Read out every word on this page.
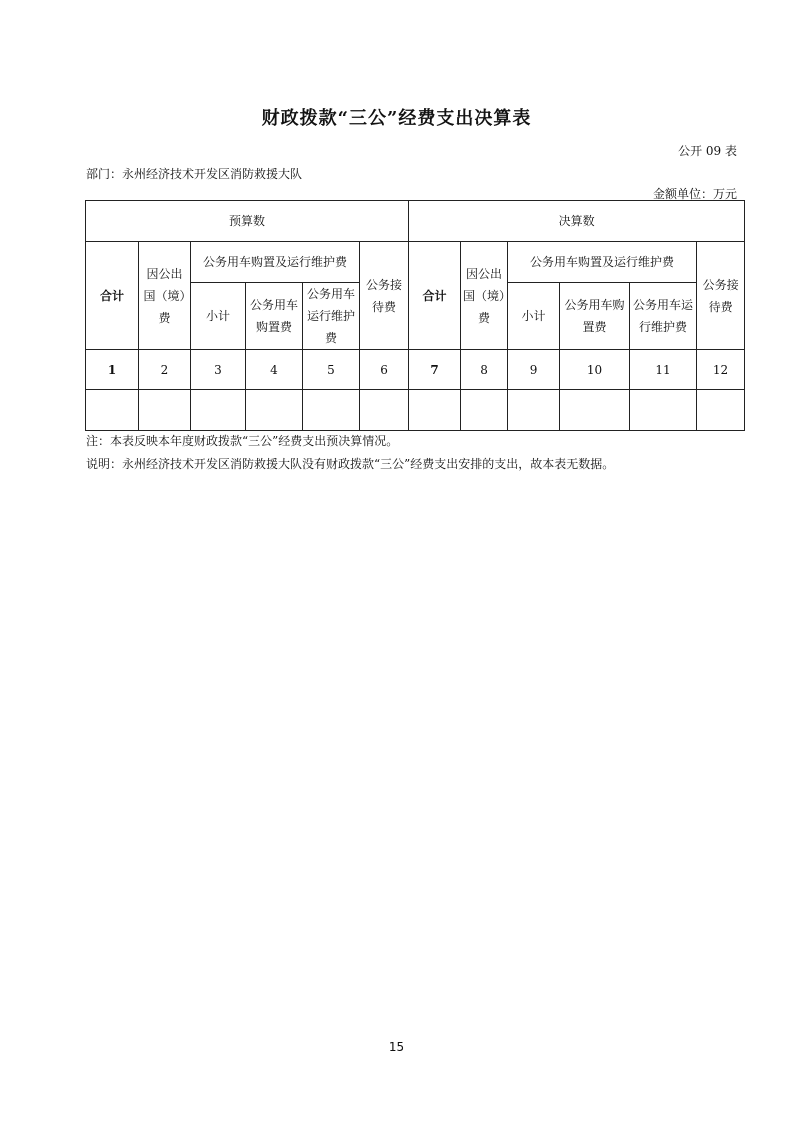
财政拨款“三公”经费支出决算表
公开 09 表
部门：永州经济技术开发区消防救援大队
金额单位：万元
预算数						决算数					
合计	因公出国（境）费	公务用车购置及运行维护费			公务接待费	合计	因公出国（境）费	公务用车购置及运行维护费			公务接待费
		小计	公务用车购置费	公务用车运行维护费				小计	公务用车购置费	公务用车运行维护费	
1	2	3	4	5	6	7	8	9	10	11	12

注：本表反映本年度财政拨款“三公”经费支出预决算情况。
说明：永州经济技术开发区消防救援大队没有财政拨款“三公”经费支出安排的支出，故本表无数据。
15
